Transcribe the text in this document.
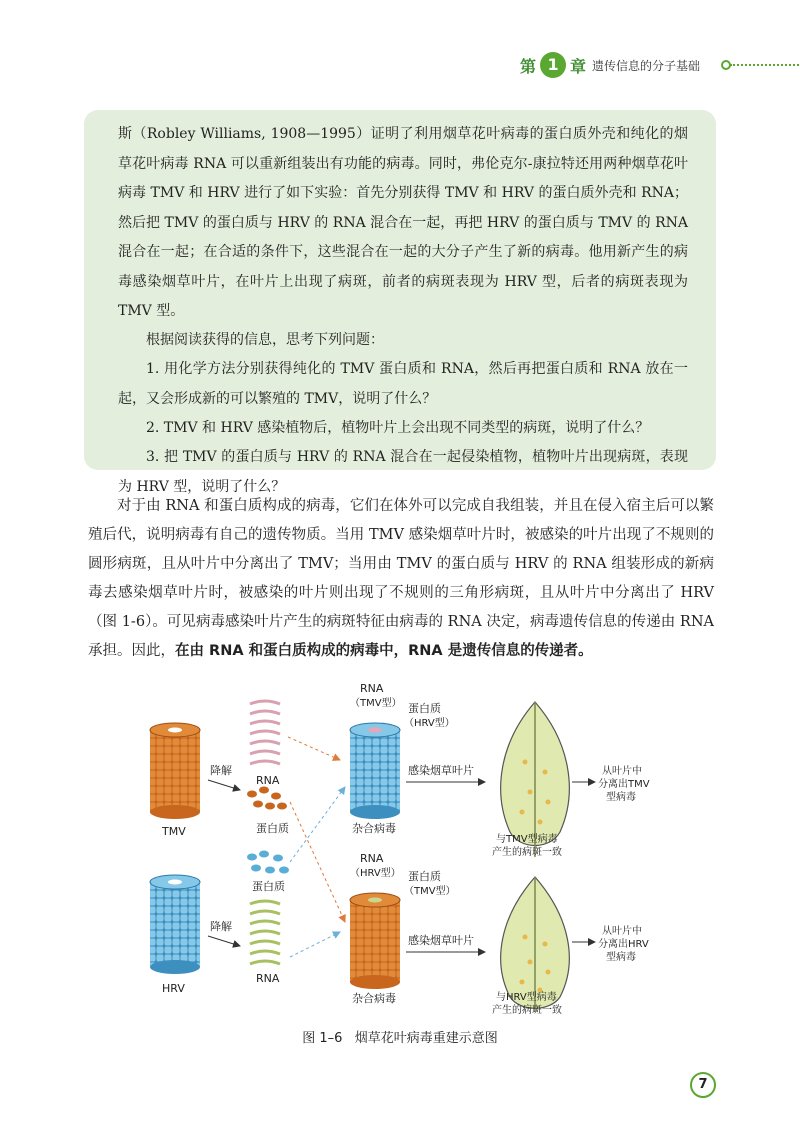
第 1 章 遗传信息的分子基础

斯（Robley Williams, 1908—1995）证明了利用烟草花叶病毒的蛋白质外壳和纯化的烟草花叶病毒 RNA 可以重新组装出有功能的病毒。同时，弗伦克尔-康拉特还用两种烟草花叶病毒 TMV 和 HRV 进行了如下实验：首先分别获得 TMV 和 HRV 的蛋白质外壳和 RNA；然后把 TMV 的蛋白质与 HRV 的 RNA 混合在一起，再把 HRV 的蛋白质与 TMV 的 RNA 混合在一起；在合适的条件下，这些混合在一起的大分子产生了新的病毒。他用新产生的病毒感染烟草叶片，在叶片上出现了病斑，前者的病斑表现为 HRV 型，后者的病斑表现为 TMV 型。

根据阅读获得的信息，思考下列问题：

1. 用化学方法分别获得纯化的 TMV 蛋白质和 RNA，然后再把蛋白质和 RNA 放在一起，又会形成新的可以繁殖的 TMV，说明了什么？

2. TMV 和 HRV 感染植物后，植物叶片上会出现不同类型的病斑，说明了什么？

3. 把 TMV 的蛋白质与 HRV 的 RNA 混合在一起侵染植物，植物叶片出现病斑，表现为 HRV 型，说明了什么？

对于由 RNA 和蛋白质构成的病毒，它们在体外可以完成自我组装，并且在侵入宿主后可以繁殖后代，说明病毒有自己的遗传物质。当用 TMV 感染烟草叶片时，被感染的叶片出现了不规则的圆形病斑，且从叶片中分离出了 TMV；当用由 TMV 的蛋白质与 HRV 的 RNA 组装形成的新病毒去感染烟草叶片时，被感染的叶片则出现了不规则的三角形病斑，且从叶片中分离出了 HRV（图 1-6）。可见病毒感染叶片产生的病斑特征由病毒的 RNA 决定，病毒遗传信息的传递由 RNA 承担。因此，在由 RNA 和蛋白质构成的病毒中，RNA 是遗传信息的传递者。

TMV
HRV
降解
降解
RNA
蛋白质
蛋白质
RNA
RNA
（TMV型） 蛋白质
（HRV型）
杂合病毒
RNA
（HRV型） 蛋白质
（TMV型）
杂合病毒
感染烟草叶片
感染烟草叶片
从叶片中
分离出TMV
型病毒
与TMV型病毒
产生的病斑一致
从叶片中
分离出HRV
型病毒
与HRV型病毒
产生的病斑一致
图 1–6 烟草花叶病毒重建示意图
7
